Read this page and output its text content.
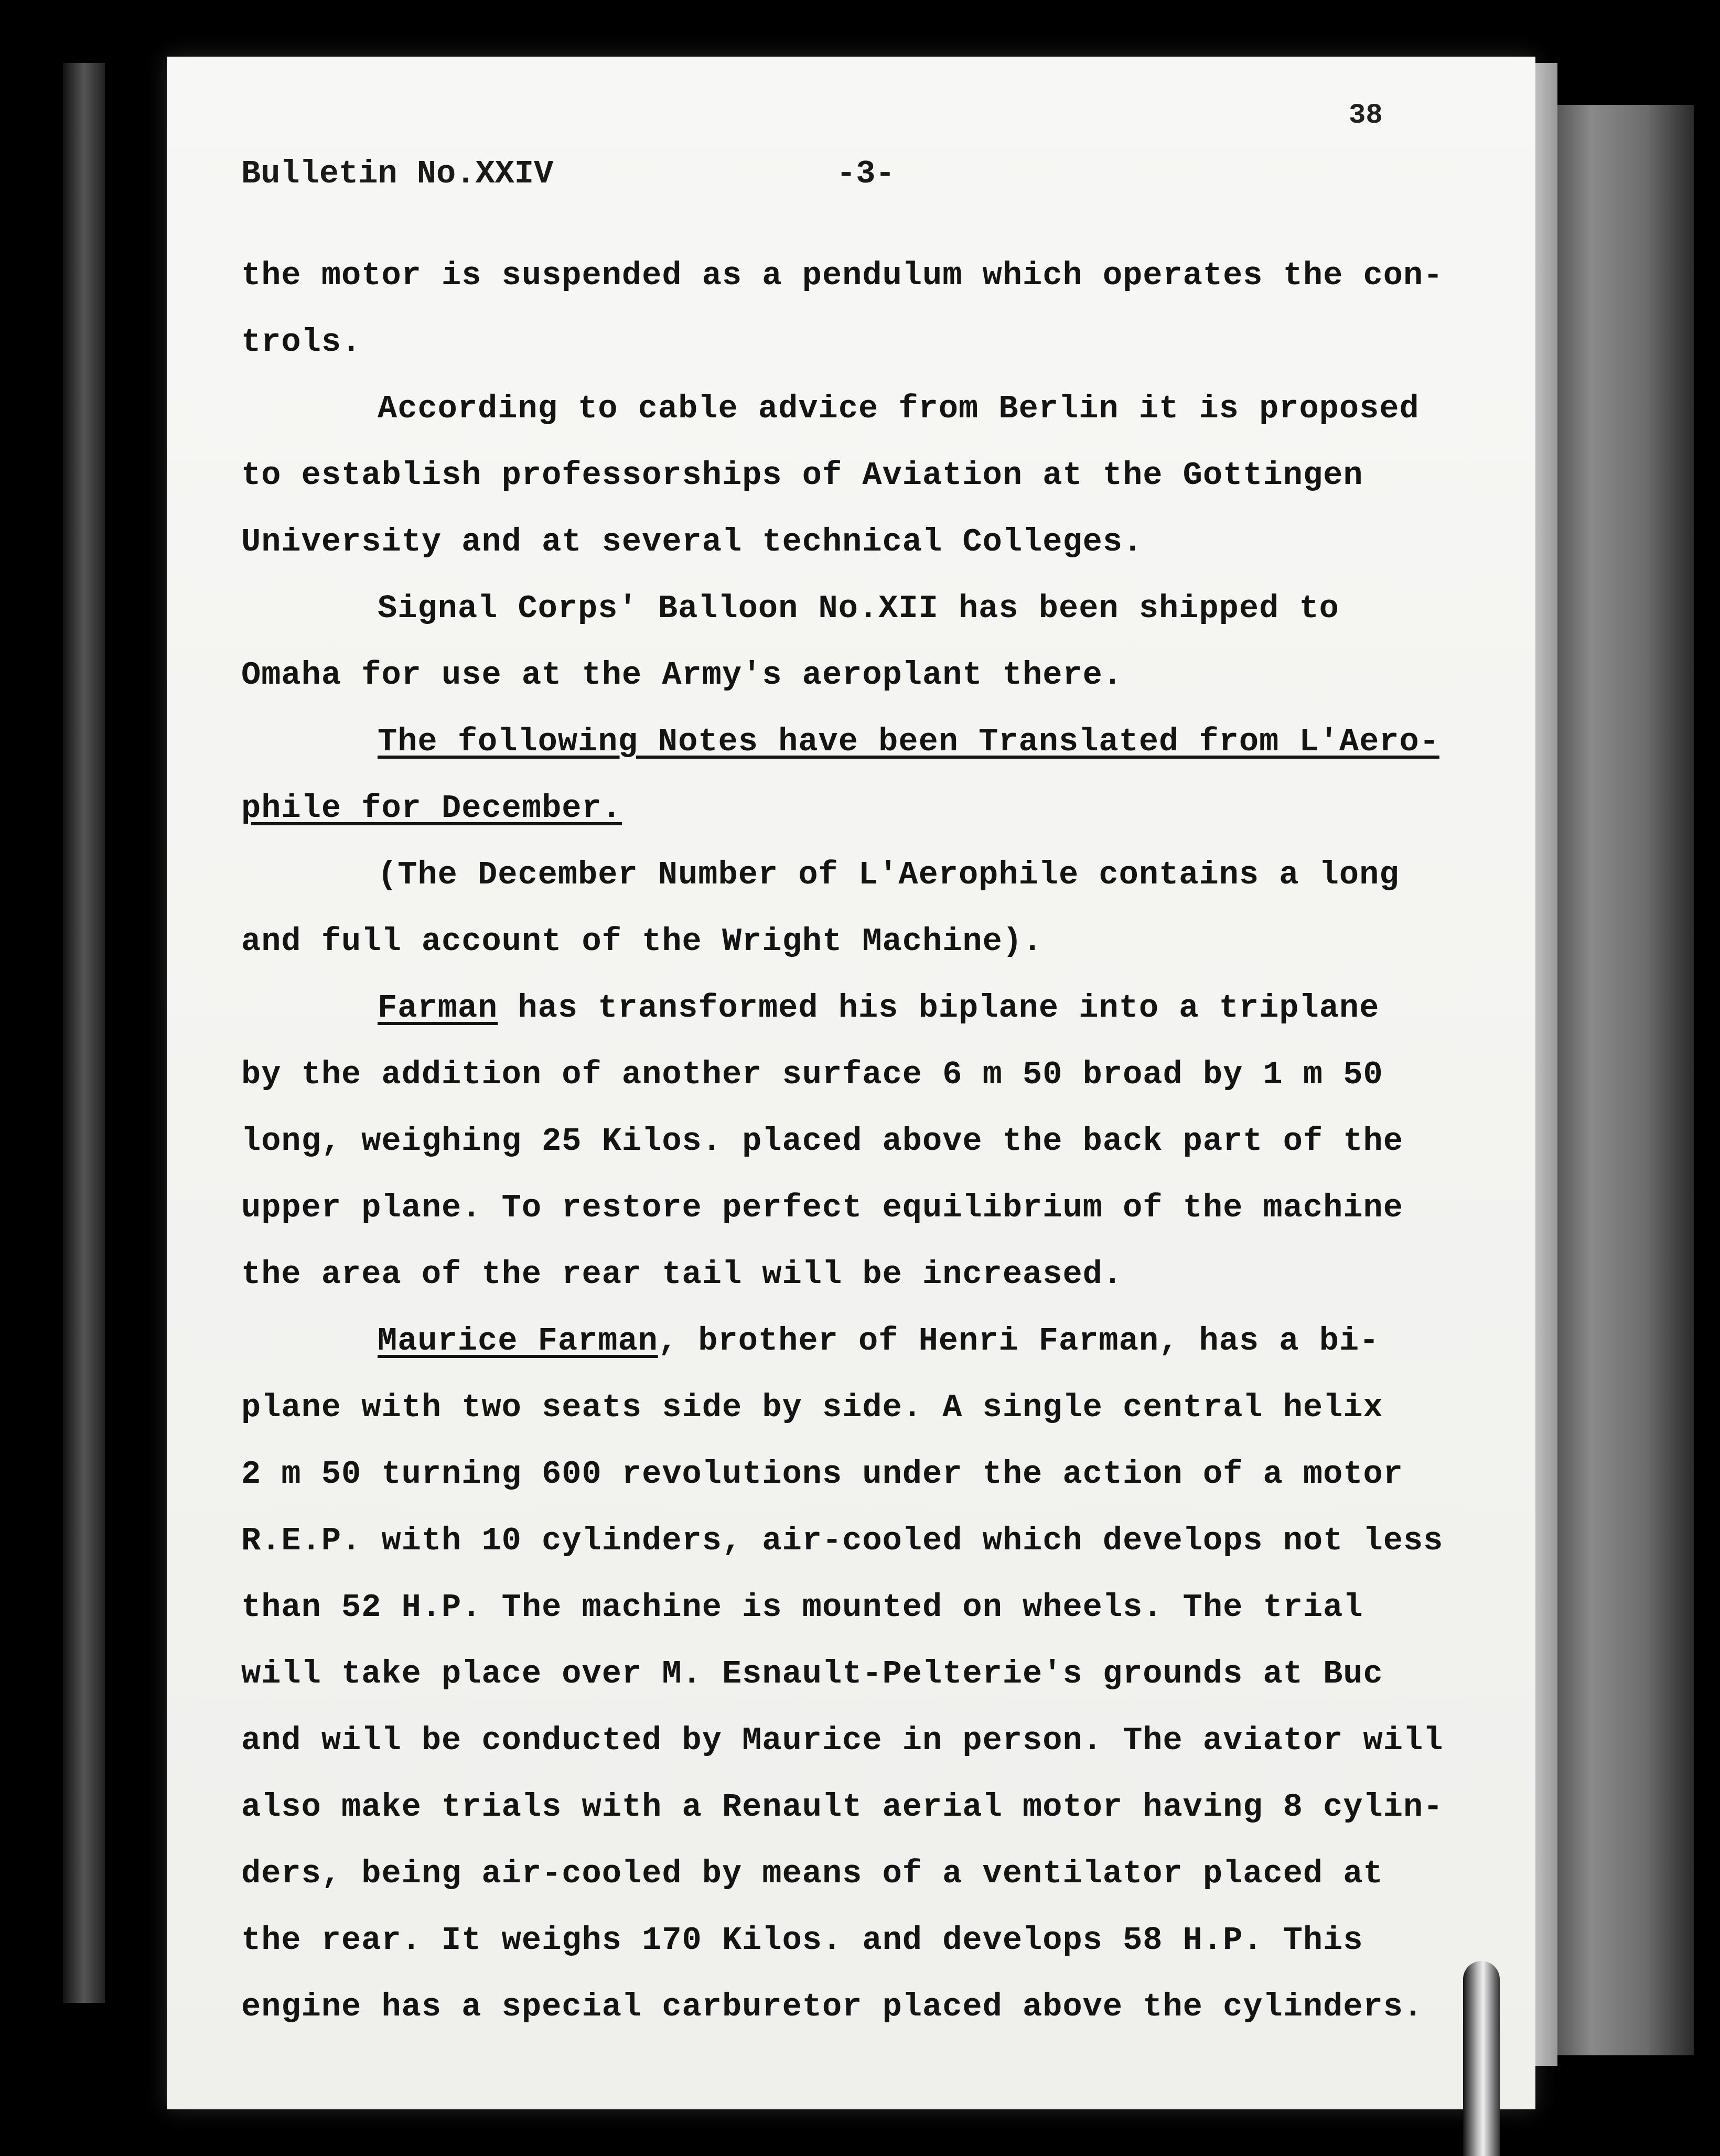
38
Bulletin No.XXIV	-3-
the motor is suspended as a pendulum which operates the con-
trols.
According to cable advice from Berlin it is proposed
to establish professorships of Aviation at the Gottingen
University and at several technical Colleges.
Signal Corps' Balloon No.XII has been shipped to
Omaha for use at the Army's aeroplant there.
The following Notes have been Translated from L'Aero-
phile for December.
(The December Number of L'Aerophile contains a long
and full account of the Wright Machine).
Farman has transformed his biplane into a triplane
by the addition of another surface 6 m 50 broad by 1 m 50
long, weighing 25 Kilos. placed above the back part of the
upper plane. To restore perfect equilibrium of the machine
the area of the rear tail will be increased.
Maurice Farman, brother of Henri Farman, has a bi-
plane with two seats side by side. A single central helix
2 m 50 turning 600 revolutions under the action of a motor
R.E.P. with 10 cylinders, air-cooled which develops not less
than 52 H.P. The machine is mounted on wheels. The trial
will take place over M. Esnault-Pelterie's grounds at Buc
and will be conducted by Maurice in person. The aviator will
also make trials with a Renault aerial motor having 8 cylin-
ders, being air-cooled by means of a ventilator placed at
the rear. It weighs 170 Kilos. and develops 58 H.P. This
engine has a special carburetor placed above the cylinders.
